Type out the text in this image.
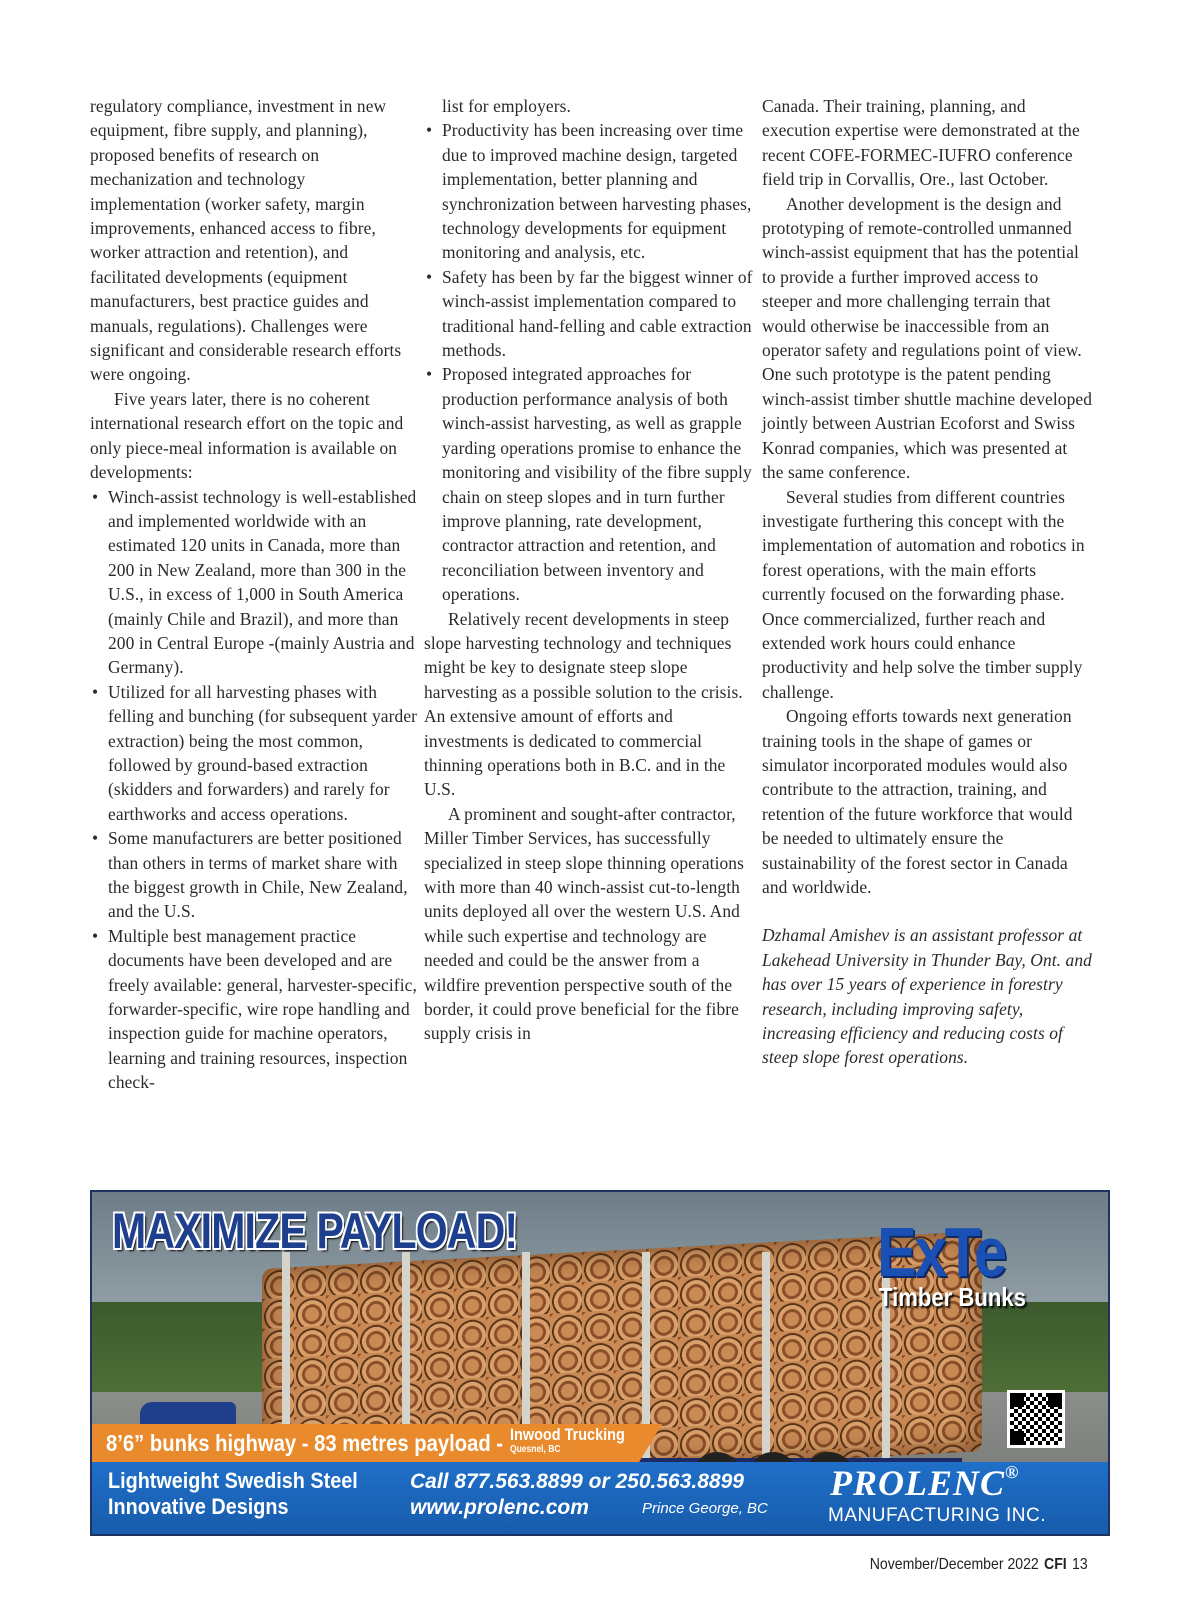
regulatory compliance, investment in new equipment, fibre supply, and planning), proposed benefits of research on mechanization and technology implementation (worker safety, margin improvements, enhanced access to fibre, worker attraction and retention), and facilitated developments (equipment manufacturers, best practice guides and manuals, regulations). Challenges were significant and considerable research efforts were ongoing.

Five years later, there is no coherent international research effort on the topic and only piece-meal information is available on developments:

• Winch-assist technology is well-established and implemented worldwide with an estimated 120 units in Canada, more than 200 in New Zealand, more than 300 in the U.S., in excess of 1,000 in South America (mainly Chile and Brazil), and more than 200 in Central Europe -(mainly Austria and Germany).
• Utilized for all harvesting phases with felling and bunching (for subsequent yarder extraction) being the most common, followed by ground-based extraction (skidders and forwarders) and rarely for earthworks and access operations.
• Some manufacturers are better positioned than others in terms of market share with the biggest growth in Chile, New Zealand, and the U.S.
• Multiple best management practice documents have been developed and are freely available: general, harvester-specific, forwarder-specific, wire rope handling and inspection guide for machine operators, learning and training resources, inspection check-

list for employers.

• Productivity has been increasing over time due to improved machine design, targeted implementation, better planning and synchronization between harvesting phases, technology developments for equipment monitoring and analysis, etc.
• Safety has been by far the biggest winner of winch-assist implementation compared to traditional hand-felling and cable extraction methods.
• Proposed integrated approaches for production performance analysis of both winch-assist harvesting, as well as grapple yarding operations promise to enhance the monitoring and visibility of the fibre supply chain on steep slopes and in turn further improve planning, rate development, contractor attraction and retention, and reconciliation between inventory and operations.

Relatively recent developments in steep slope harvesting technology and techniques might be key to designate steep slope harvesting as a possible solution to the crisis. An extensive amount of efforts and investments is dedicated to commercial thinning operations both in B.C. and in the U.S.

A prominent and sought-after contractor, Miller Timber Services, has successfully specialized in steep slope thinning operations with more than 40 winch-assist cut-to-length units deployed all over the western U.S. And while such expertise and technology are needed and could be the answer from a wildfire prevention perspective south of the border, it could prove beneficial for the fibre supply crisis in

Canada. Their training, planning, and execution expertise were demonstrated at the recent COFE-FORMEC-IUFRO conference field trip in Corvallis, Ore., last October.

Another development is the design and prototyping of remote-controlled unmanned winch-assist equipment that has the potential to provide a further improved access to steeper and more challenging terrain that would otherwise be inaccessible from an operator safety and regulations point of view. One such prototype is the patent pending winch-assist timber shuttle machine developed jointly between Austrian Ecoforst and Swiss Konrad companies, which was presented at the same conference.

Several studies from different countries investigate furthering this concept with the implementation of automation and robotics in forest operations, with the main efforts currently focused on the forwarding phase. Once commercialized, further reach and extended work hours could enhance productivity and help solve the timber supply challenge.

Ongoing efforts towards next generation training tools in the shape of games or simulator incorporated modules would also contribute to the attraction, training, and retention of the future workforce that would be needed to ultimately ensure the sustainability of the forest sector in Canada and worldwide.

Dzhamal Amishev is an assistant professor at Lakehead University in Thunder Bay, Ont. and has over 15 years of experience in forestry research, including improving safety, increasing efficiency and reducing costs of steep slope forest operations.

MAXIMIZE PAYLOAD!	ExTe
Timber Bunks
8’6” bunks highway - 83 metres payload - Inwood Trucking
Quesnel, BC
Lightweight Swedish Steel
Innovative Designs
Call 877.563.8899 or 250.563.8899
www.prolenc.com	Prince George, BC
PROLENC®
MANUFACTURING INC.
November/December 2022 CFI 13
